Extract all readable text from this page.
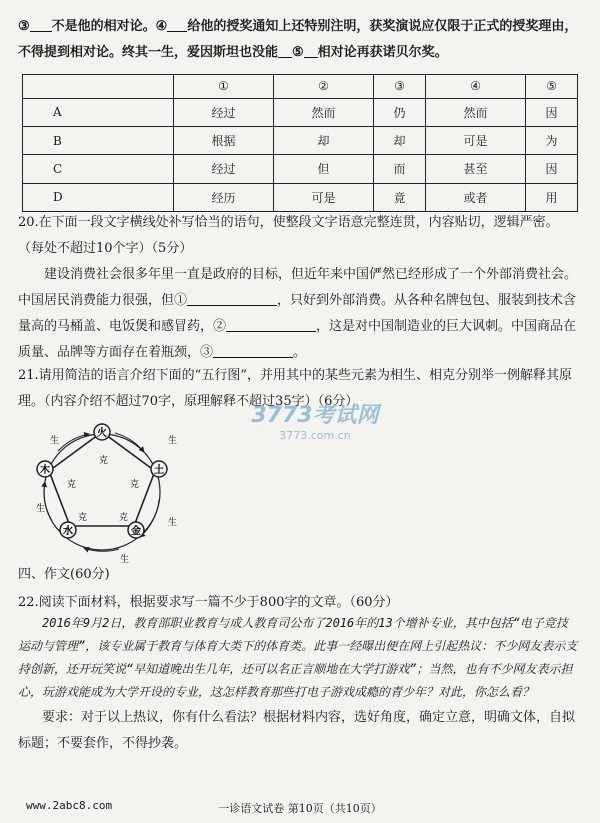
③ 不是他的相对论。④ 给他的授奖通知上还特别注明，获奖演说应仅限于正式的授奖理由，不得提到相对论。终其一生，爱因斯坦也没能 ⑤ 相对论再获诺贝尔奖。
	①	②	③	④	⑤
A	经过	然而	仍	然而	因
B	根据	却	却	可是	为
C	经过	但	而	甚至	因
D	经历	可是	竟	或者	用
20.在下面一段文字横线处补写恰当的语句，使整段文字语意完整连贯，内容贴切，逻辑严密。（每处不超过10个字）（5分）
建设消费社会很多年里一直是政府的目标，但近年来中国俨然已经形成了一个外部消费社会。中国居民消费能力很强，但①	，只好到外部消费。从各种名牌包包、服装到技术含量高的马桶盖、电饭煲和感冒药，②	，这是对中国制造业的巨大讽刺。中国商品在质量、品牌等方面存在着瓶颈，③	。
21.请用简洁的语言介绍下面的“五行图”，并用其中的某些元素为相生、相克分别举一例解释其原理。（内容介绍不超过70字，原理解释不超过35字）（6分）
生
生
生
生
生
克
克
克
克
克
火
土
金
水
木
3773考试网
3773.com.cn
四、作文(60分)
22.阅读下面材料，根据要求写一篇不少于800字的文章。（60分）
2016年9月2日，教育部职业教育与成人教育司公布了2016年的13个增补专业，其中包括“电子竞技运动与管理”，该专业属于教育与体育大类下的体育类。此事一经曝出便在网上引起热议：不少网友表示支持创新，还开玩笑说“早知道晚出生几年，还可以名正言顺地在大学打游戏”；当然，也有不少网友表示担心，玩游戏能成为大学开设的专业，这怎样教育那些打电子游戏成瘾的青少年？对此，你怎么看？
要求：对于以上热议，你有什么看法？根据材料内容，选好角度，确定立意，明确文体，自拟标题；不要套作，不得抄袭。
www.2abc8.com	一诊语文试卷 第10页（共10页）
